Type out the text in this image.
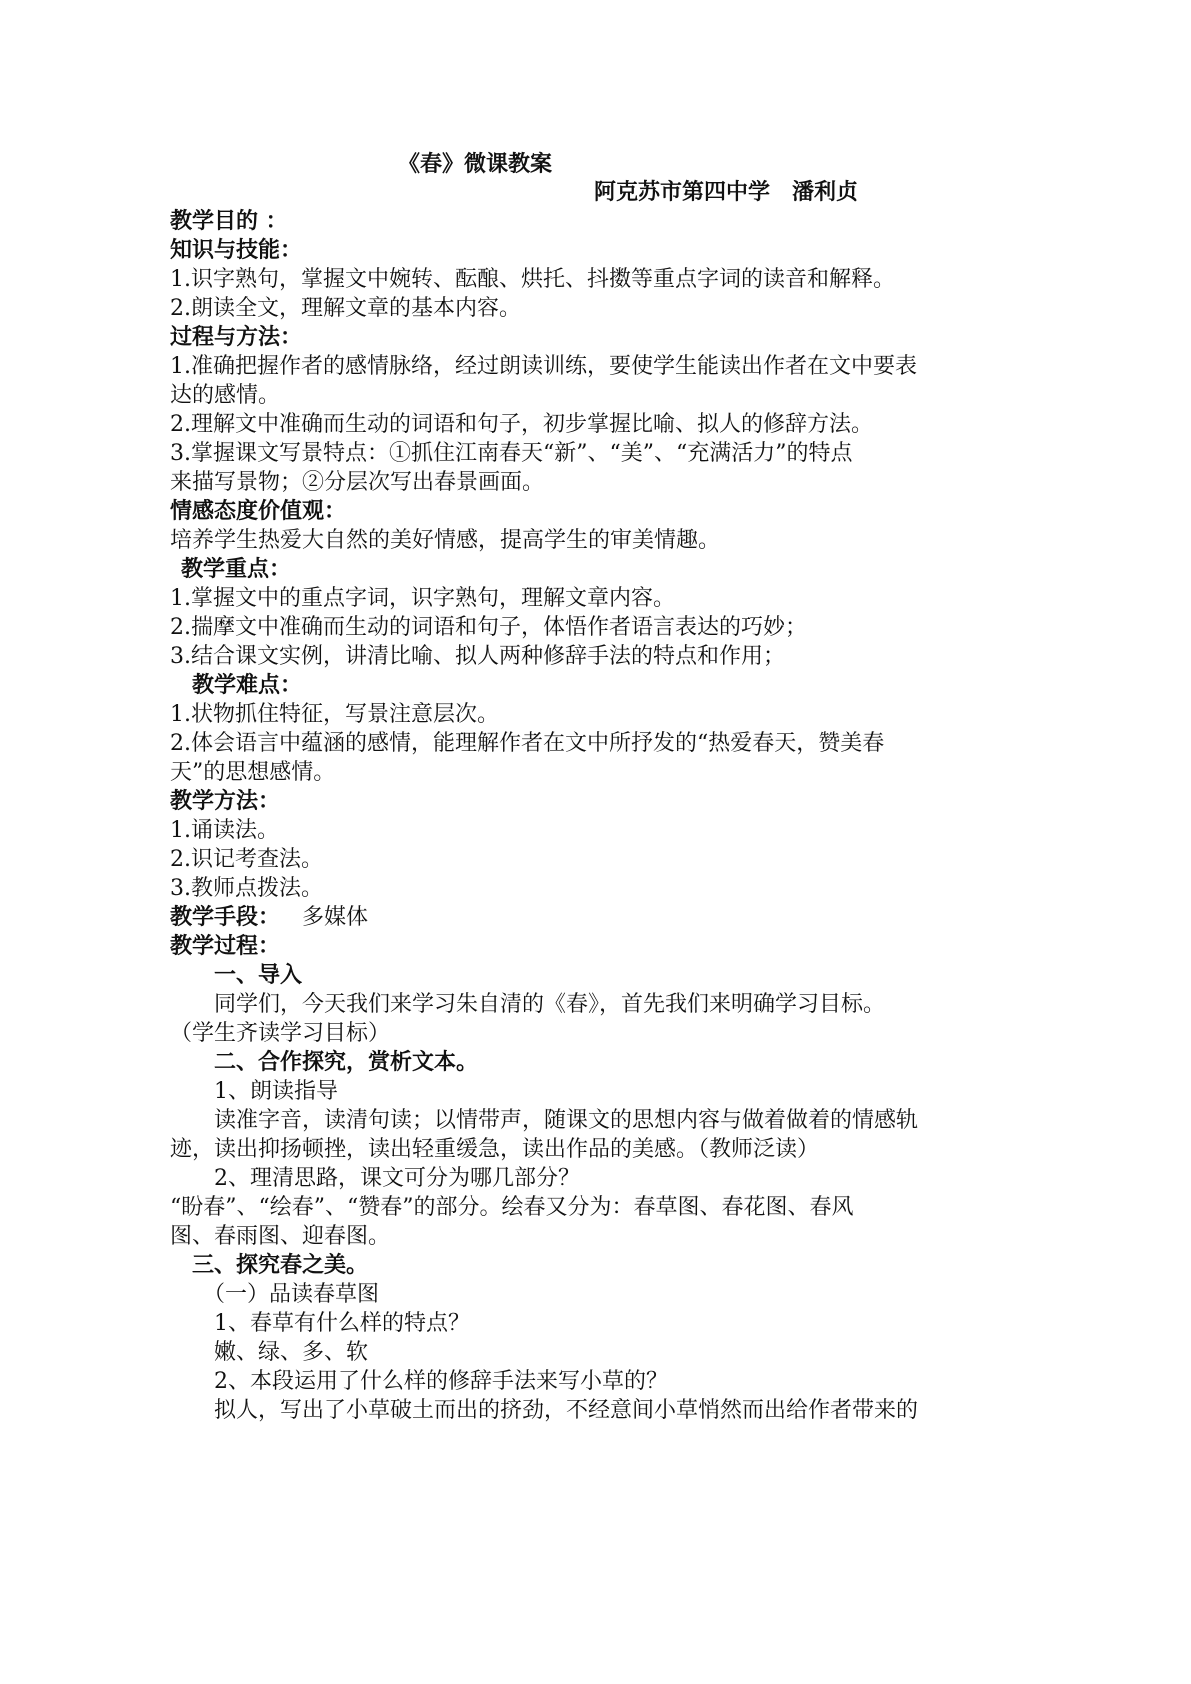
《春》微课教案
阿克苏市第四中学　潘利贞
教学目的 ：
知识与技能：
1.识字熟句，掌握文中婉转、酝酿、烘托、抖擞等重点字词的读音和解释。
2.朗读全文，理解文章的基本内容。
过程与方法：
1.准确把握作者的感情脉络，经过朗读训练，要使学生能读出作者在文中要表
达的感情。
2.理解文中准确而生动的词语和句子，初步掌握比喻、拟人的修辞方法。
3.掌握课文写景特点：①抓住江南春天“新”、“美”、“充满活力”的特点
来描写景物；②分层次写出春景画面。
情感态度价值观：
培养学生热爱大自然的美好情感，提高学生的审美情趣。
教学重点：
1.掌握文中的重点字词，识字熟句，理解文章内容。
2.揣摩文中准确而生动的词语和句子，体悟作者语言表达的巧妙；
3.结合课文实例，讲清比喻、拟人两种修辞手法的特点和作用；
教学难点：
1.状物抓住特征，写景注意层次。
2.体会语言中蕴涵的感情，能理解作者在文中所抒发的“热爱春天，赞美春
天”的思想感情。
教学方法：
1.诵读法。
2.识记考查法。
3.教师点拨法。
教学手段： 多媒体
教学过程：
一、导入
同学们，今天我们来学习朱自清的《春》，首先我们来明确学习目标。
（学生齐读学习目标）
二、合作探究，赏析文本。
1、朗读指导
读准字音，读清句读；以情带声，随课文的思想内容与做着做着的情感轨
迹，读出抑扬顿挫，读出轻重缓急，读出作品的美感。（教师泛读）
2、理清思路，课文可分为哪几部分？
“盼春”、“绘春”、“赞春”的部分。绘春又分为：春草图、春花图、春风
图、春雨图、迎春图。
三、探究春之美。
（一）品读春草图
1、春草有什么样的特点？
嫩、绿、多、软
2、本段运用了什么样的修辞手法来写小草的？
拟人，写出了小草破土而出的挤劲，不经意间小草悄然而出给作者带来的
